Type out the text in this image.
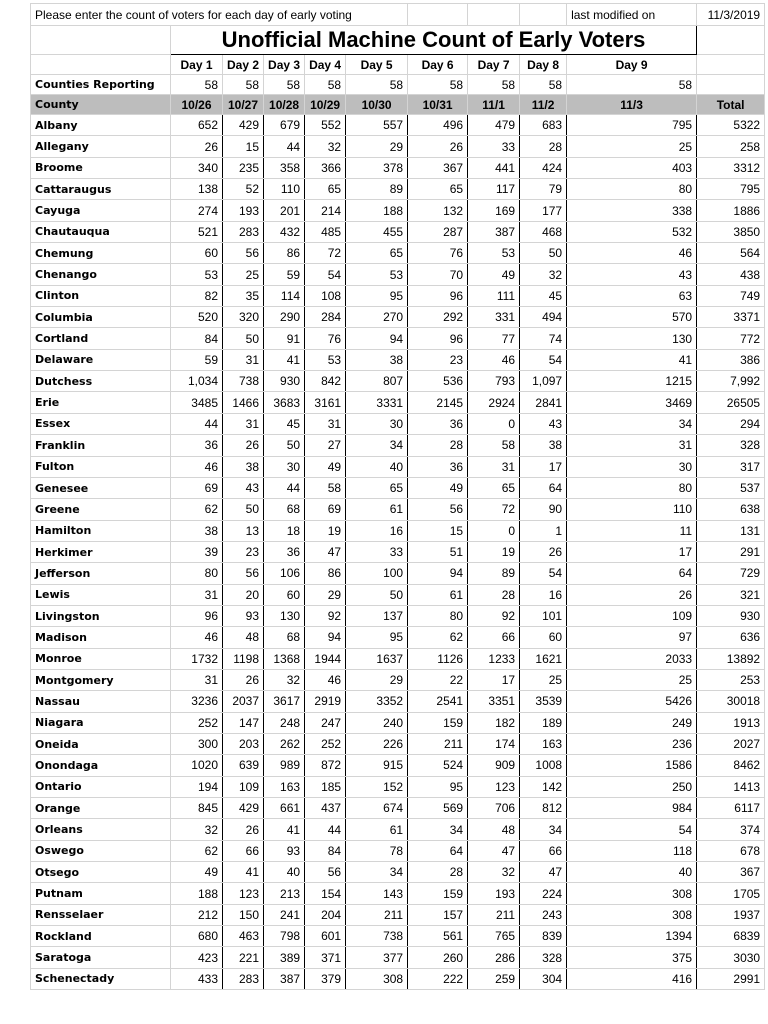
Please enter the count of voters for each day of early voting									last modified on	11/3/2019
	Unofficial Machine Count of Early Voters									
	Day 1	Day 2	Day 3	Day 4	Day 5	Day 6	Day 7	Day 8	Day 9	
Counties Reporting	58	58	58	58	58	58	58	58	58	
County	10/26	10/27	10/28	10/29	10/30	10/31	11/1	11/2	11/3	Total
Albany	652	429	679	552	557	496	479	683	795	5322
Allegany	26	15	44	32	29	26	33	28	25	258
Broome	340	235	358	366	378	367	441	424	403	3312
Cattaraugus	138	52	110	65	89	65	117	79	80	795
Cayuga	274	193	201	214	188	132	169	177	338	1886
Chautauqua	521	283	432	485	455	287	387	468	532	3850
Chemung	60	56	86	72	65	76	53	50	46	564
Chenango	53	25	59	54	53	70	49	32	43	438
Clinton	82	35	114	108	95	96	111	45	63	749
Columbia	520	320	290	284	270	292	331	494	570	3371
Cortland	84	50	91	76	94	96	77	74	130	772
Delaware	59	31	41	53	38	23	46	54	41	386
Dutchess	1,034	738	930	842	807	536	793	1,097	1215	7,992
Erie	3485	1466	3683	3161	3331	2145	2924	2841	3469	26505
Essex	44	31	45	31	30	36	0	43	34	294
Franklin	36	26	50	27	34	28	58	38	31	328
Fulton	46	38	30	49	40	36	31	17	30	317
Genesee	69	43	44	58	65	49	65	64	80	537
Greene	62	50	68	69	61	56	72	90	110	638
Hamilton	38	13	18	19	16	15	0	1	11	131
Herkimer	39	23	36	47	33	51	19	26	17	291
Jefferson	80	56	106	86	100	94	89	54	64	729
Lewis	31	20	60	29	50	61	28	16	26	321
Livingston	96	93	130	92	137	80	92	101	109	930
Madison	46	48	68	94	95	62	66	60	97	636
Monroe	1732	1198	1368	1944	1637	1126	1233	1621	2033	13892
Montgomery	31	26	32	46	29	22	17	25	25	253
Nassau	3236	2037	3617	2919	3352	2541	3351	3539	5426	30018
Niagara	252	147	248	247	240	159	182	189	249	1913
Oneida	300	203	262	252	226	211	174	163	236	2027
Onondaga	1020	639	989	872	915	524	909	1008	1586	8462
Ontario	194	109	163	185	152	95	123	142	250	1413
Orange	845	429	661	437	674	569	706	812	984	6117
Orleans	32	26	41	44	61	34	48	34	54	374
Oswego	62	66	93	84	78	64	47	66	118	678
Otsego	49	41	40	56	34	28	32	47	40	367
Putnam	188	123	213	154	143	159	193	224	308	1705
Rensselaer	212	150	241	204	211	157	211	243	308	1937
Rockland	680	463	798	601	738	561	765	839	1394	6839
Saratoga	423	221	389	371	377	260	286	328	375	3030
Schenectady	433	283	387	379	308	222	259	304	416	2991
